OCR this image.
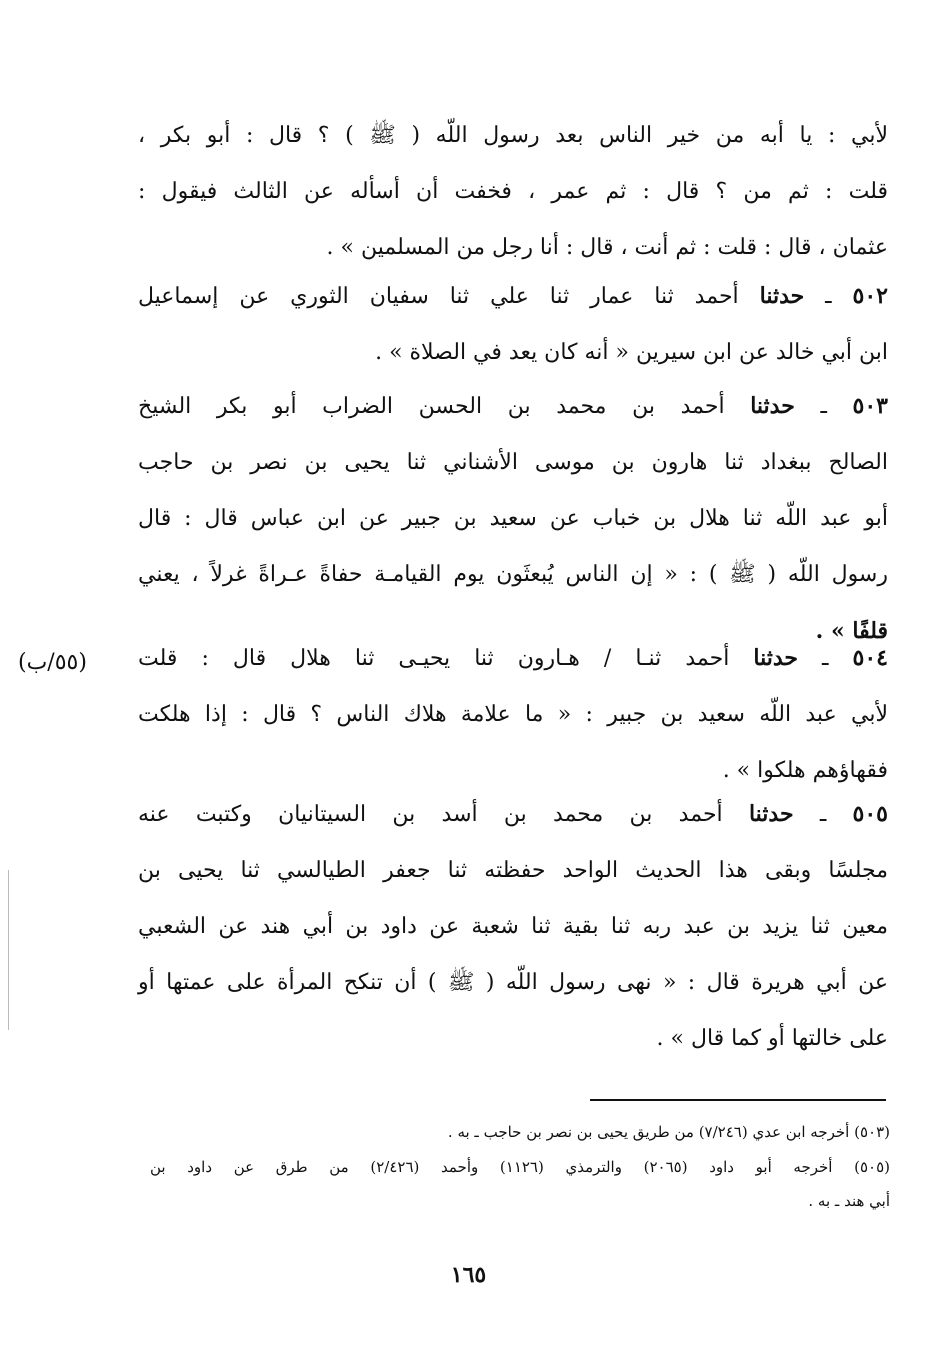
لأبي : يا أبه من خير الناس بعد رسول اللّه ( ﷺ ) ؟ قال : أبو بكر ،
قلت : ثم من ؟ قال : ثم عمر ، فخفت أن أسأله عن الثالث فيقول :
عثمان ، قال : قلت : ثم أنت ، قال : أنا رجل من المسلمين » .
٥٠٢ ـ حدثنا أحمد ثنا عمار ثنا علي ثنا سفيان الثوري عن إسماعيل
ابن أبي خالد عن ابن سيرين « أنه كان يعد في الصلاة » .
٥٠٣ ـ حدثنا أحمد بن محمد بن الحسن الضراب أبو بكر الشيخ
الصالح ببغداد ثنا هارون بن موسى الأشناني ثنا يحيى بن نصر بن حاجب
أبو عبد اللّه ثنا هلال بن خباب عن سعيد بن جبير عن ابن عباس قال : قال
رسول اللّه ( ﷺ ) : « إن الناس يُبعثَون يوم القيامـة حفاةً عـراةً غرلاً ، يعني
قلفًا » .
٥٠٤ ـ حدثنا أحمد ثنـا / هـارون ثنا يحيـى ثنا هلال قال : قلت
لأبي عبد اللّه سعيد بن جبير : « ما علامة هلاك الناس ؟ قال : إذا هلكت
فقهاؤهم هلكوا » .
(٥٥/ب)
٥٠٥ ـ حدثنا أحمد بن محمد بن أسد بن السيتانيان وكتبت عنه
مجلسًا وبقى هذا الحديث الواحد حفظته ثنا جعفر الطيالسي ثنا يحيى بن
معين ثنا يزيد بن عبد ربه ثنا بقية ثنا شعبة عن داود بن أبي هند عن الشعبي
عن أبي هريرة قال : « نهى رسول اللّه ( ﷺ ) أن تنكح المرأة على عمتها أو
على خالتها أو كما قال » .
(٥٠٣) أخرجه ابن عدي (٧/٢٤٦) من طريق يحيى بن نصر بن حاجب ـ به .
(٥٠٥) أخرجه أبو داود (٢٠٦٥) والترمذي (١١٢٦) وأحمد (٢/٤٢٦) من طرق عن داود بن
أبي هند ـ به .
١٦٥
